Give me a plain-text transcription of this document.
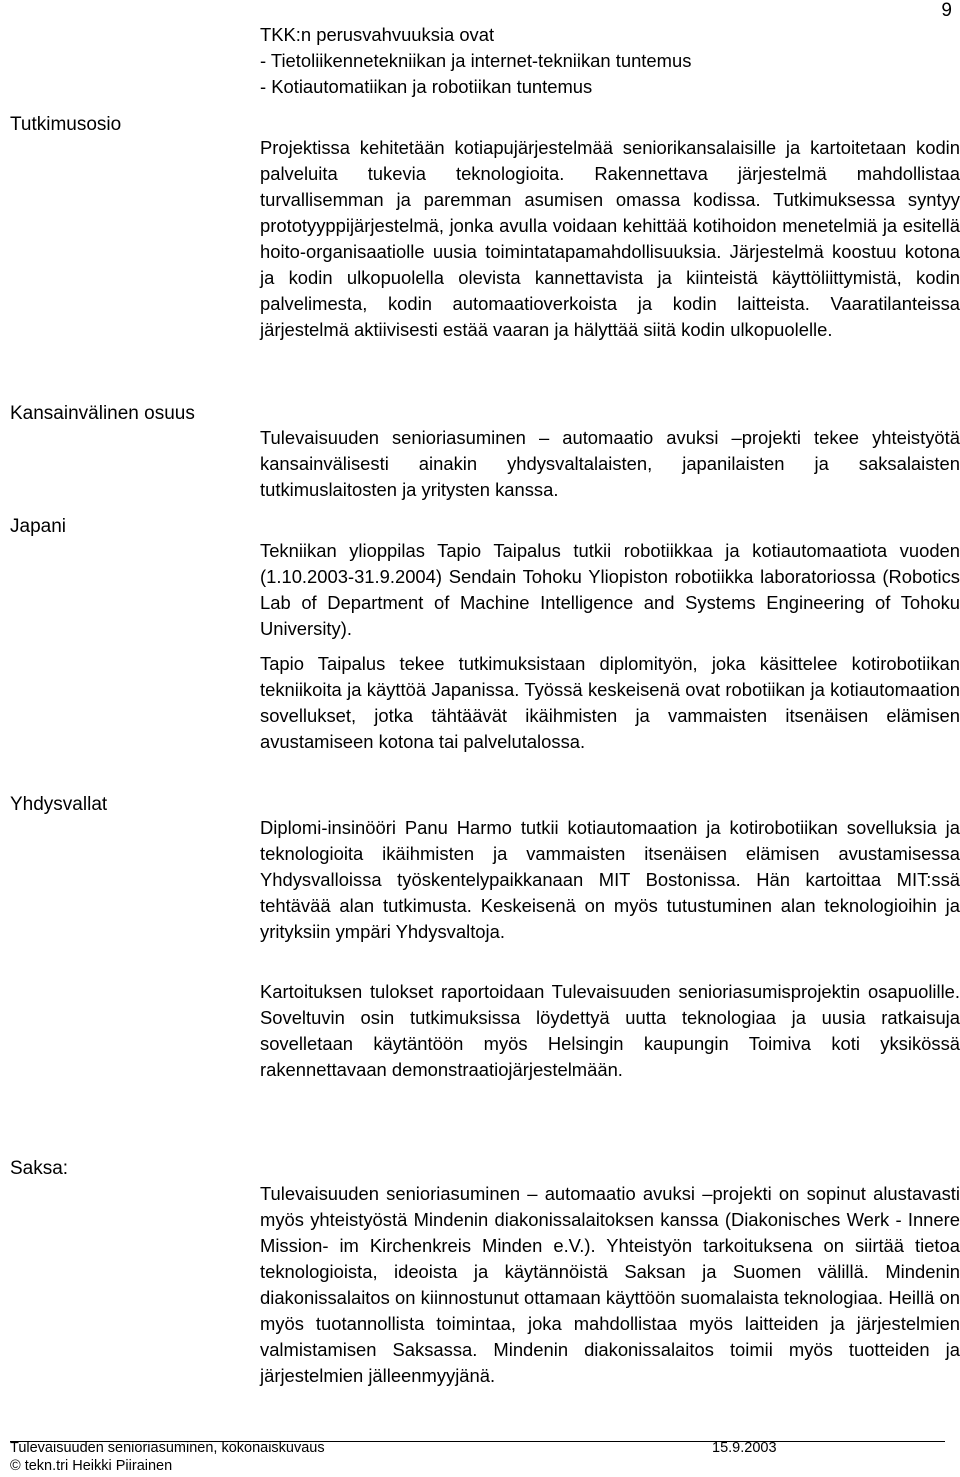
9
Tutkimusosio
Kansainvälinen osuus
Japani
Yhdysvallat
Saksa:
TKK:n perusvahvuuksia ovat
- Tietoliikennetekniikan ja internet-tekniikan tuntemus
- Kotiautomatiikan ja robotiikan tuntemus

Projektissa kehitetään kotiapujärjestelmää seniorikansalaisille ja kartoitetaan kodin palveluita tukevia teknologioita. Rakennettava järjestelmä mahdollistaa turvallisemman ja paremman asumisen omassa kodissa. Tutkimuksessa syntyy prototyyppijärjestelmä, jonka avulla voidaan kehittää kotihoidon menetelmiä ja esitellä hoito-organisaatiolle uusia toimintatapamahdollisuuksia. Järjestelmä koostuu kotona ja kodin ulkopuolella olevista kannettavista ja kiinteistä käyttöliittymistä, kodin palvelimesta, kodin automaatioverkoista ja kodin laitteista. Vaaratilanteissa järjestelmä aktiivisesti estää vaaran ja hälyttää siitä kodin ulkopuolelle.

Tulevaisuuden senioriasuminen – automaatio avuksi –projekti tekee yhteistyötä kansainvälisesti ainakin yhdysvaltalaisten, japanilaisten ja saksalaisten tutkimuslaitosten ja yritysten kanssa.

Tekniikan ylioppilas Tapio Taipalus tutkii robotiikkaa ja kotiautomaatiota vuoden (1.10.2003-31.9.2004) Sendain Tohoku Yliopiston robotiikka laboratoriossa (Robotics Lab of Department of Machine Intelligence and Systems Engineering of Tohoku University).

Tapio Taipalus tekee tutkimuksistaan diplomityön, joka käsittelee kotirobotiikan tekniikoita ja käyttöä Japanissa. Työssä keskeisenä ovat robotiikan ja kotiautomaation sovellukset, jotka tähtäävät ikäihmisten ja vammaisten itsenäisen elämisen avustamiseen kotona tai palvelutalossa.

Diplomi-insinööri Panu Harmo tutkii kotiautomaation ja kotirobotiikan sovelluksia ja teknologioita ikäihmisten ja vammaisten itsenäisen elämisen avustamisessa Yhdysvalloissa työskentelypaikkanaan MIT Bostonissa. Hän kartoittaa MIT:ssä tehtävää alan tutkimusta. Keskeisenä on myös tutustuminen alan teknologioihin ja yrityksiin ympäri Yhdysvaltoja.

Kartoituksen tulokset raportoidaan Tulevaisuuden senioriasumisprojektin osapuolille. Soveltuvin osin tutkimuksissa löydettyä uutta teknologiaa ja uusia ratkaisuja sovelletaan käytäntöön myös Helsingin kaupungin Toimiva koti yksikössä rakennettavaan demonstraatiojärjestelmään.

Tulevaisuuden senioriasuminen – automaatio avuksi –projekti on sopinut alustavasti myös yhteistyöstä Mindenin diakonissalaitoksen kanssa (Diakonisches Werk - Innere Mission- im Kirchenkreis Minden e.V.). Yhteistyön tarkoituksena on siirtää tietoa teknologioista, ideoista ja käytännöistä Saksan ja Suomen välillä. Mindenin diakonissalaitos on kiinnostunut ottamaan käyttöön suomalaista teknologiaa. Heillä on myös tuotannollista toimintaa, joka mahdollistaa myös laitteiden ja järjestelmien valmistamisen Saksassa. Mindenin diakonissalaitos toimii myös tuotteiden ja järjestelmien jälleenmyyjänä.

Tulevaisuuden senioriasuminen, kokonaiskuvaus	15.9.2003
© tekn.tri Heikki Piirainen
